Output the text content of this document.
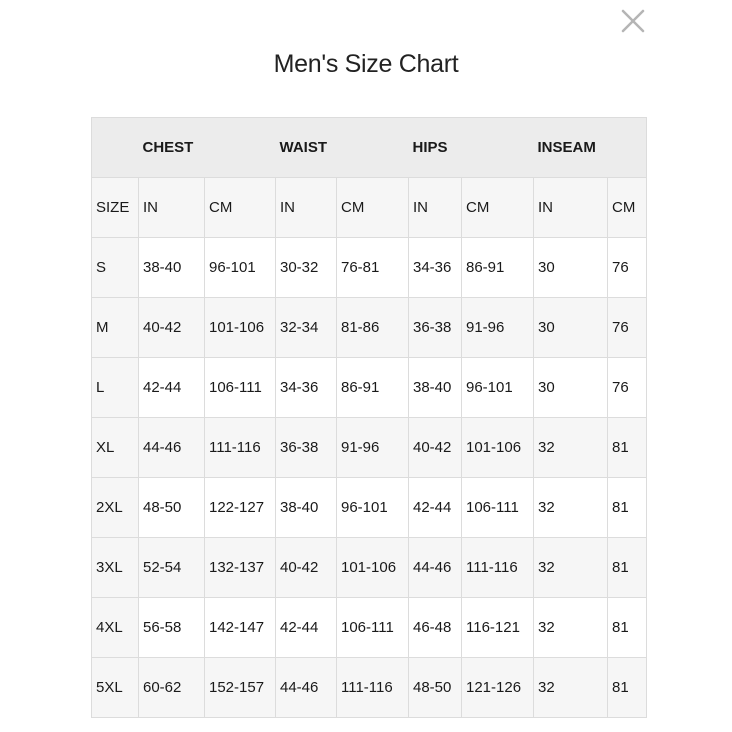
Men's Size Chart
	CHEST		WAIST		HIPS		INSEAM	
SIZE	IN	CM	IN	CM	IN	CM	IN	CM
S	38-40	96-101	30-32	76-81	34-36	86-91	30	76
M	40-42	101-106	32-34	81-86	36-38	91-96	30	76
L	42-44	106-111	34-36	86-91	38-40	96-101	30	76
XL	44-46	111-116	36-38	91-96	40-42	101-106	32	81
2XL	48-50	122-127	38-40	96-101	42-44	106-111	32	81
3XL	52-54	132-137	40-42	101-106	44-46	111-116	32	81
4XL	56-58	142-147	42-44	106-111	46-48	116-121	32	81
5XL	60-62	152-157	44-46	111-116	48-50	121-126	32	81
